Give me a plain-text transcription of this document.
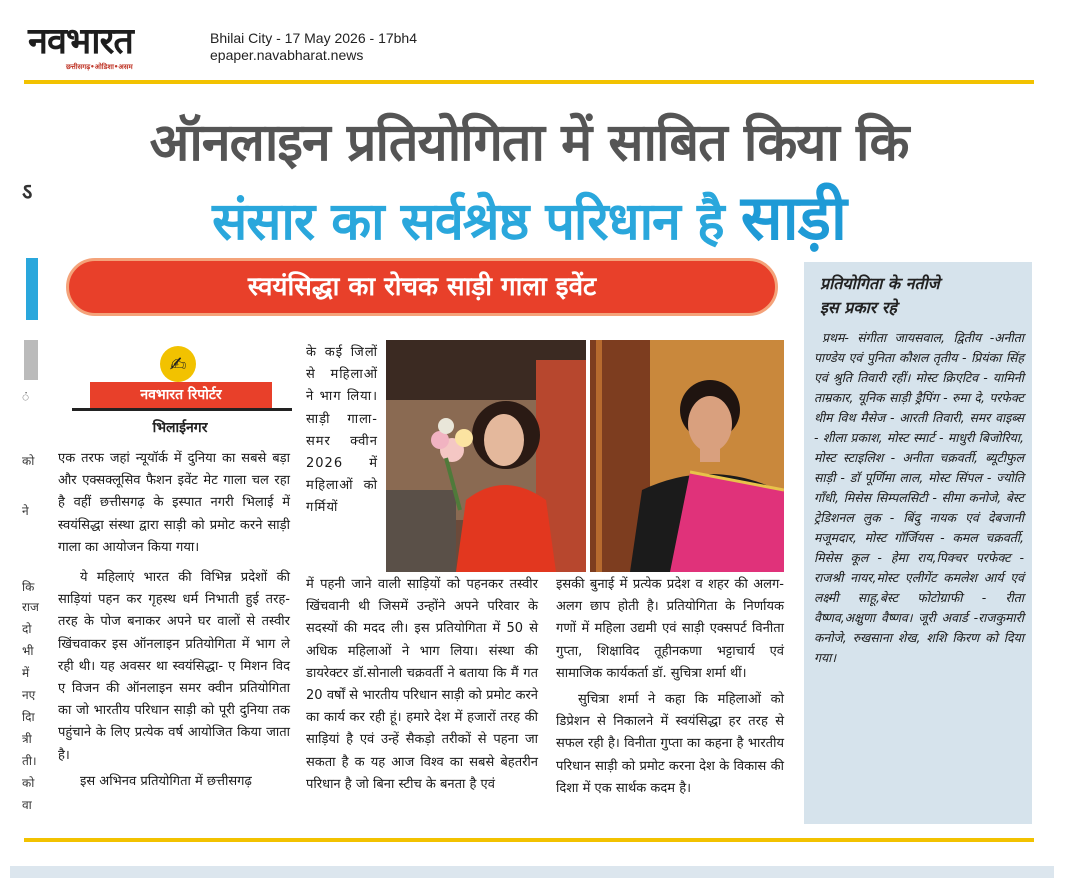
नवभारत
छत्तीसगढ़•ओडिशा•असम
Bhilai City - 17 May 2026 - 17bh4
epaper.navabharat.news
ऑनलाइन प्रतियोगिता में साबित किया कि
संसार का सर्वश्रेष्ठ परिधान है साड़ी
ऽ
स्वयंसिद्धा का रोचक साड़ी गाला इवेंट
✍
नवभारत रिपोर्टर
भिलाईनगर

एक तरफ जहां न्यूयॉर्क में दुनिया का सबसे बड़ा और एक्सक्लूसिव फैशन इवेंट मेट गाला चल रहा है वहीं छत्तीसगढ़ के इस्पात नगरी भिलाई में स्वयंसिद्धा संस्था द्वारा साड़ी को प्रमोट करने साड़ी गाला का आयोजन किया गया।

ये महिलाएं भारत की विभिन्न प्रदेशों की साड़ियां पहन कर गृहस्थ धर्म निभाती हुई तरह-तरह के पोज बनाकर अपने घर वालों से तस्वीर खिंचवाकर इस ऑनलाइन प्रतियोगिता में भाग ले रही थी। यह अवसर था स्वयंसिद्धा- ए मिशन विद ए विजन की ऑनलाइन समर क्वीन प्रतियोगिता का जो भारतीय परिधान साड़ी को पूरी दुनिया तक पहुंचाने के लिए प्रत्येक वर्ष आयोजित किया जाता है।

इस अभिनव प्रतियोगिता में छत्तीसगढ़

के कई जिलों से महिलाओं ने भाग लिया। साड़ी गाला-समर क्वीन 2026 में महिलाओं को गर्मियों
में पहनी जाने वाली साड़ियों को पहनकर तस्वीर खिंचवानी थी जिसमें उन्होंने अपने परिवार के सदस्यों की मदद ली। इस प्रतियोगिता में 50 से अधिक महिलाओं ने भाग लिया। संस्था की डायरेक्टर डॉ.सोनाली चक्रवर्ती ने बताया कि मैं गत 20 वर्षों से भारतीय परिधान साड़ी को प्रमोट करने का कार्य कर रही हूं। हमारे देश में हजारों तरह की साड़ियां है एवं उन्हें सैकड़ो तरीकों से पहना जा सकता है क यह आज विश्व का सबसे बेहतरीन परिधान है जो बिना स्टीच के बनता है एवं

इसकी बुनाई में प्रत्येक प्रदेश व शहर की अलग-अलग छाप होती है। प्रतियोगिता के निर्णायक गणों में महिला उद्यमी एवं साड़ी एक्सपर्ट विनीता गुप्ता, शिक्षाविद तूहीनकणा भट्टाचार्य एवं सामाजिक कार्यकर्ता डॉ. सुचित्रा शर्मा थीं।

सुचित्रा शर्मा ने कहा कि महिलाओं को डिप्रेशन से निकालने में स्वयंसिद्धा हर तरह से सफल रही है। विनीता गुप्ता का कहना है भारतीय परिधान साड़ी को प्रमोट करना देश के विकास की दिशा में एक सार्थक कदम है।

प्रतियोगिता के नतीजे
इस प्रकार रहे
प्रथम- संगीता जायसवाल, द्वितीय -अनीता पाण्डेय एवं पुनिता कौशल तृतीय - प्रियंका सिंह एवं श्रुति तिवारी रहीं। मोस्ट क्रिएटिव - यामिनी ताम्रकार, यूनिक साड़ी ड्रैपिंग - रुमा दे, परफेक्ट थीम विथ मैसेज - आरती तिवारी, समर वाइब्स - शीला प्रकाश, मोस्ट स्मार्ट - माधुरी बिजोरिया, मोस्ट स्टाइलिश - अनीता चक्रवर्ती, ब्यूटीफुल साड़ी - डॉ पूर्णिमा लाल, मोस्ट सिंपल - ज्योति गाँधी, मिसेस सिम्पलसिटी - सीमा कनोजे, बेस्ट ट्रेडिशनल लुक - बिंदु नायक एवं देबजानी मजूमदार, मोस्ट गॉर्जियस - कमल चक्रवर्ती, मिसेस कूल - हेमा राय,पिक्चर परफेक्ट - राजश्री नायर,मोस्ट एलीगेंट कमलेश आर्य एवं लक्ष्मी साहू,बेस्ट फोटोग्राफी - रीता वैष्णव,अक्षुणा वैष्णव। जूरी अवार्ड -राजकुमारी कनोजे, रुखसाना शेख, शशि किरण को दिया गया।
ं
को
ने
कि
राज
दो
भी
में
नए
दाि
त्री
ती।
को
वा
